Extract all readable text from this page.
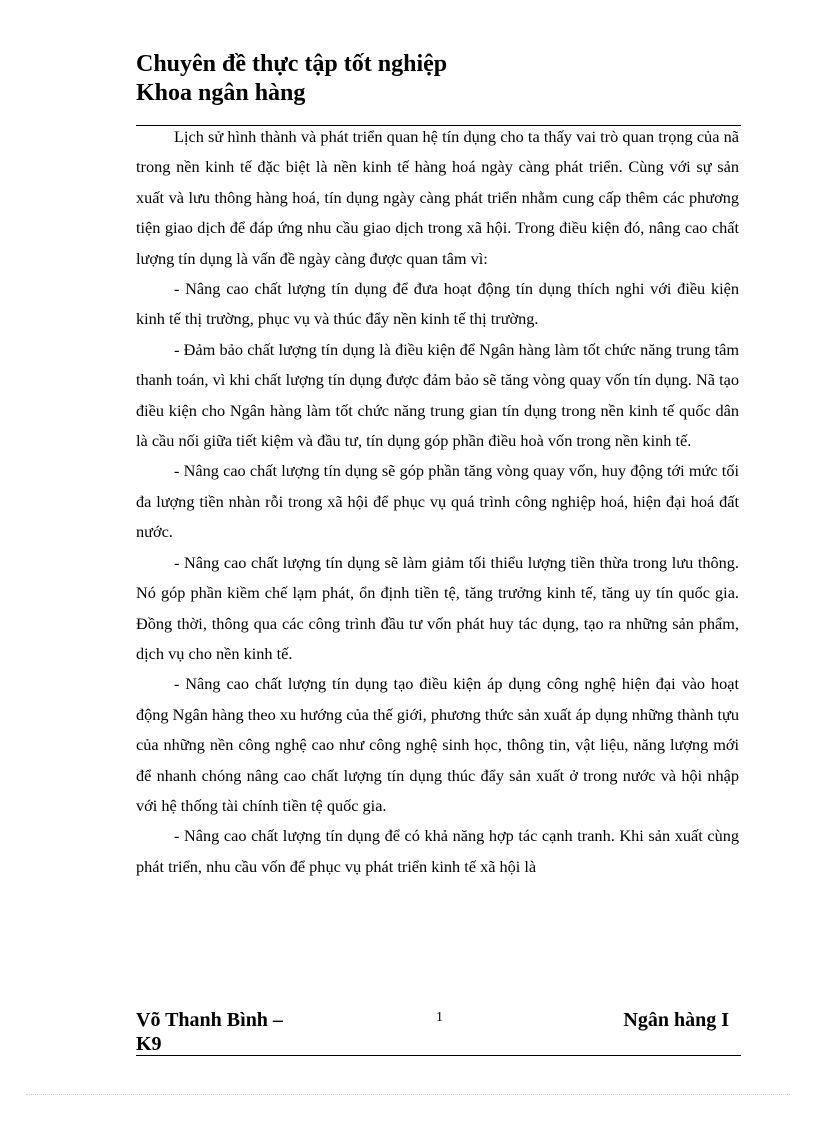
Chuyên đề thực tập tốt nghiệp
Khoa ngân hàng

Lịch sử hình thành và phát triển quan hệ tín dụng cho ta thấy vai trò quan trọng của nã trong nền kinh tế đặc biệt là nền kinh tế hàng hoá ngày càng phát triển. Cùng với sự sản xuất và lưu thông hàng hoá, tín dụng ngày càng phát triển nhằm cung cấp thêm các phương tiện giao dịch để đáp ứng nhu cầu giao dịch trong xã hội. Trong điều kiện đó, nâng cao chất lượng tín dụng là vấn đề ngày càng được quan tâm vì:

- Nâng cao chất lượng tín dụng để đưa hoạt động tín dụng thích nghi với điều kiện kinh tế thị trường, phục vụ và thúc đẩy nền kinh tế thị trường.

- Đảm bảo chất lượng tín dụng là điều kiện để Ngân hàng làm tốt chức năng trung tâm thanh toán, vì khi chất lượng tín dụng được đảm bảo sẽ tăng vòng quay vốn tín dụng. Nã tạo điều kiện cho Ngân hàng làm tốt chức năng trung gian tín dụng trong nền kinh tế quốc dân là cầu nối giữa tiết kiệm và đầu tư, tín dụng góp phần điều hoà vốn trong nền kinh tế.

- Nâng cao chất lượng tín dụng sẽ góp phần tăng vòng quay vốn, huy động tới mức tối đa lượng tiền nhàn rỗi trong xã hội để phục vụ quá trình công nghiệp hoá, hiện đại hoá đất nước.

- Nâng cao chất lượng tín dụng sẽ làm giảm tối thiểu lượng tiền thừa trong lưu thông. Nó góp phần kiềm chế lạm phát, ổn định tiền tệ, tăng trưởng kinh tế, tăng uy tín quốc gia. Đồng thời, thông qua các công trình đầu tư vốn phát huy tác dụng, tạo ra những sản phẩm, dịch vụ cho nền kinh tế.

- Nâng cao chất lượng tín dụng tạo điều kiện áp dụng công nghệ hiện đại vào hoạt động Ngân hàng theo xu hướng của thế giới, phương thức sản xuất áp dụng những thành tựu của những nền công nghệ cao như công nghệ sinh học, thông tin, vật liệu, năng lượng mới để nhanh chóng nâng cao chất lượng tín dụng thúc đẩy sản xuất ở trong nước và hội nhập với hệ thống tài chính tiền tệ quốc gia.

- Nâng cao chất lượng tín dụng để có khả năng hợp tác cạnh tranh. Khi sản xuất cùng phát triển, nhu cầu vốn để phục vụ phát triển kinh tế xã hội là

Võ Thanh Bình – K9
1	Ngân hàng I
